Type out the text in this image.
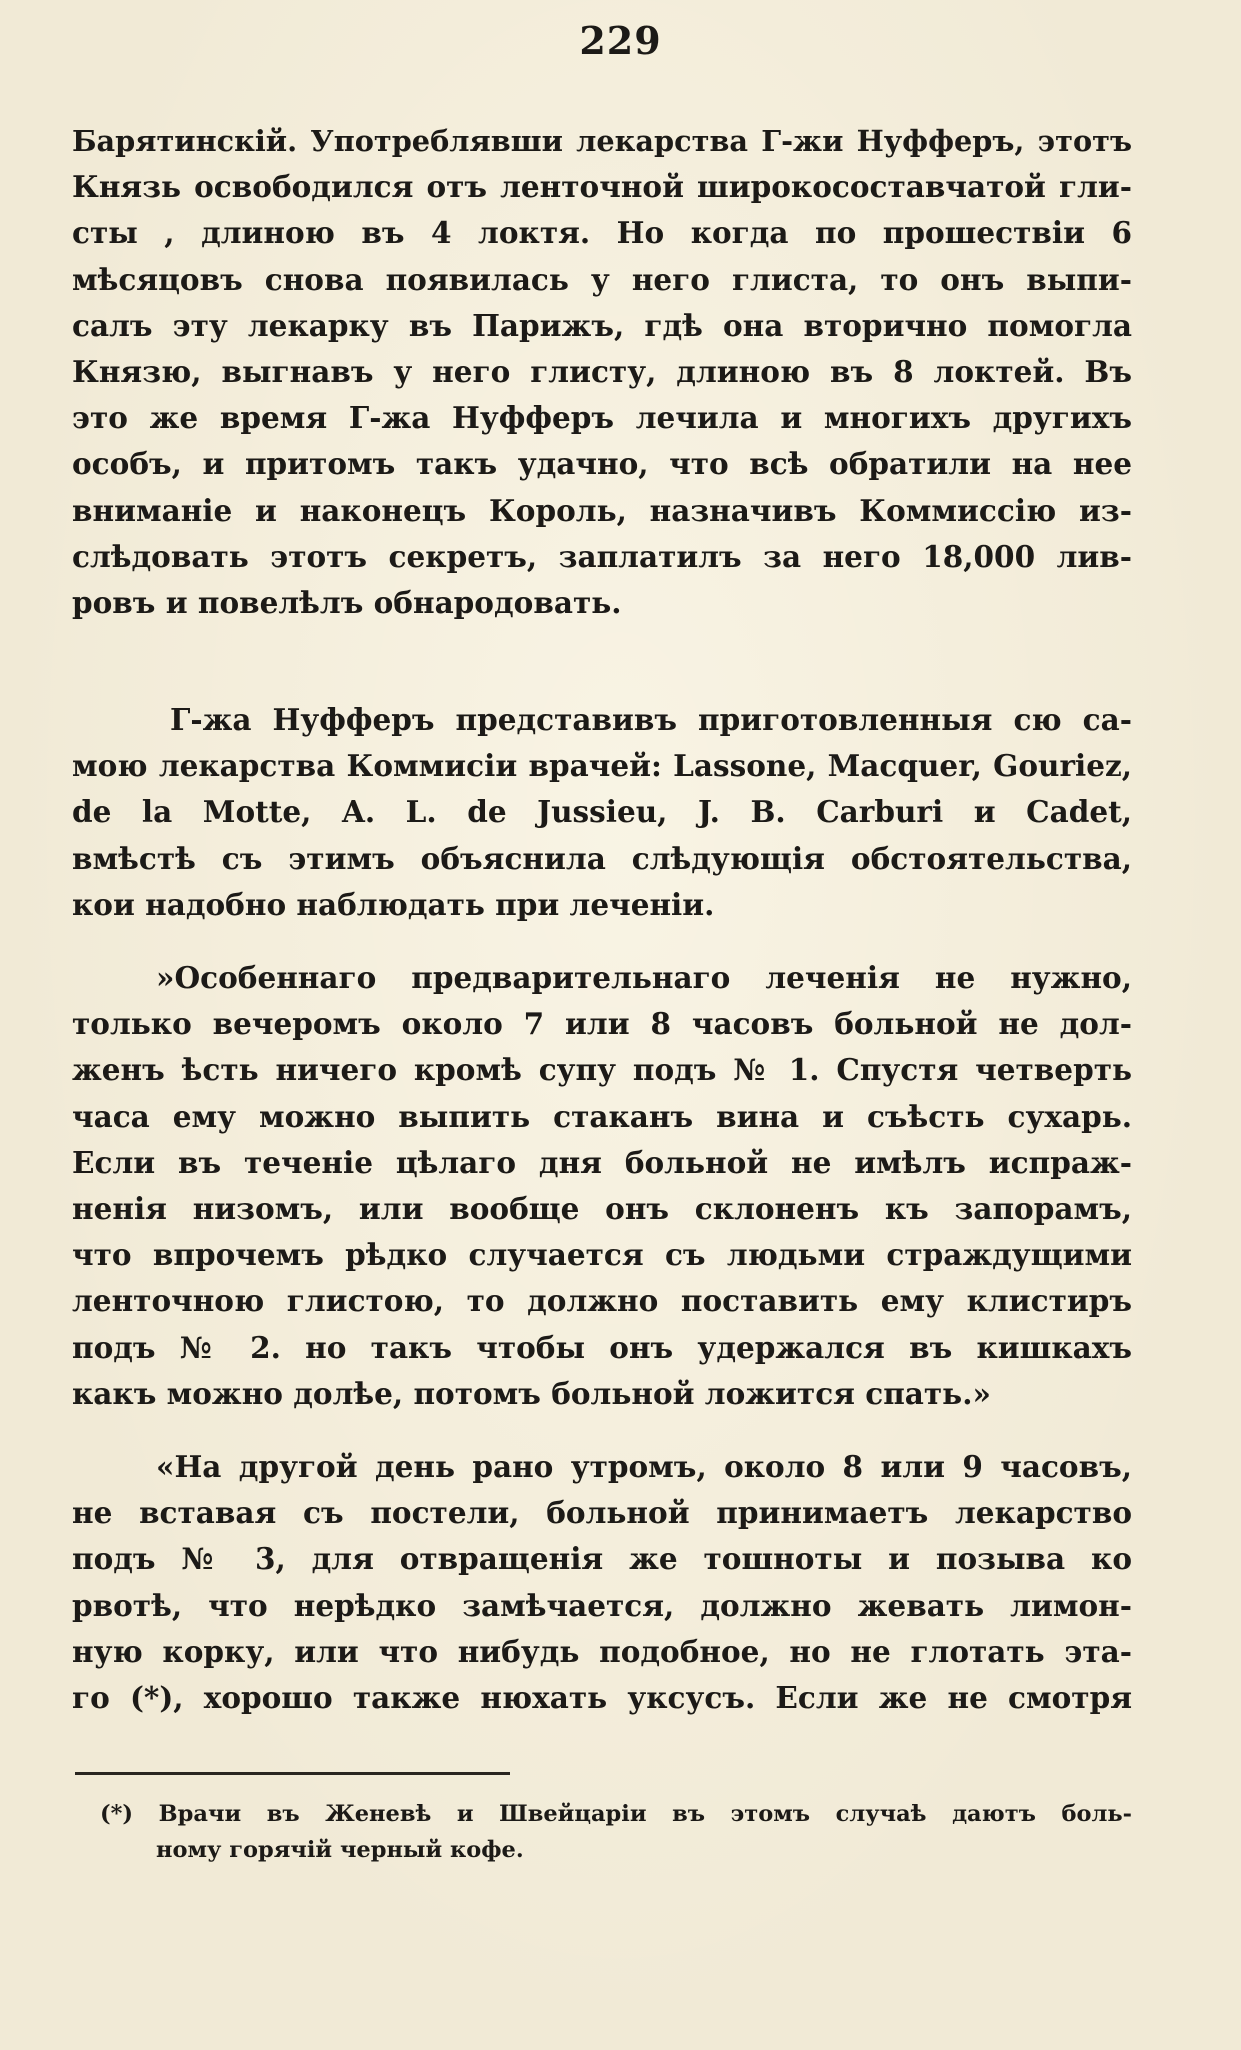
229
Барятинскій. Употреблявши лекарства Г-жи Нуфферъ, этотъ
Князь освободился отъ ленточной широкосоставчатой гли-
сты , длиною въ 4 локтя. Но когда по прошествіи 6
мѣсяцовъ снова появилась у него глиста, то онъ выпи-
салъ эту лекарку въ Парижъ, гдѣ она вторично помогла
Князю, выгнавъ у него глисту, длиною въ 8 локтей. Въ
это же время Г-жа Нуфферъ лечила и многихъ другихъ
особъ, и притомъ такъ удачно, что всѣ обратили на нее
вниманіе и наконецъ Король, назначивъ Коммиссію из-
слѣдовать этотъ секретъ, заплатилъ за него 18,000 лив-
ровъ и повелѣлъ обнародовать.
Г-жа Нуфферъ представивъ приготовленныя сю са-
мою лекарства Коммисіи врачей: Lassone, Macquer, Gouriez,
de la Motte, A. L. de Jussieu, J. B. Carburi и Cadet,
вмѣстѣ съ этимъ объяснила слѣдующія обстоятельства,
кои надобно наблюдать при леченіи.
»Особеннаго предварительнаго леченія не нужно,
только вечеромъ около 7 или 8 часовъ больной не дол-
женъ ѣсть ничего кромѣ супу подъ № 1. Спустя четверть
часа ему можно выпить стаканъ вина и съѣсть сухарь.
Если въ теченіе цѣлаго дня больной не имѣлъ испраж-
ненія низомъ, или вообще онъ склоненъ къ запорамъ,
что впрочемъ рѣдко случается съ людьми страждущими
ленточною глистою, то должно поставить ему клистиръ
подъ № 2. но такъ чтобы онъ удержался въ кишкахъ
какъ можно долѣе, потомъ больной ложится спать.»
«На другой день рано утромъ, около 8 или 9 часовъ,
не вставая съ постели, больной принимаетъ лекарство
подъ № 3, для отвращенія же тошноты и позыва ко
рвотѣ, что нерѣдко замѣчается, должно жевать лимон-
ную корку, или что нибудь подобное, но не глотать эта-
го (*), хорошо также нюхать уксусъ. Если же не смотря
(*) Врачи въ Женевѣ и Швейцаріи въ этомъ случаѣ даютъ боль-
ному горячій черный кофе.
